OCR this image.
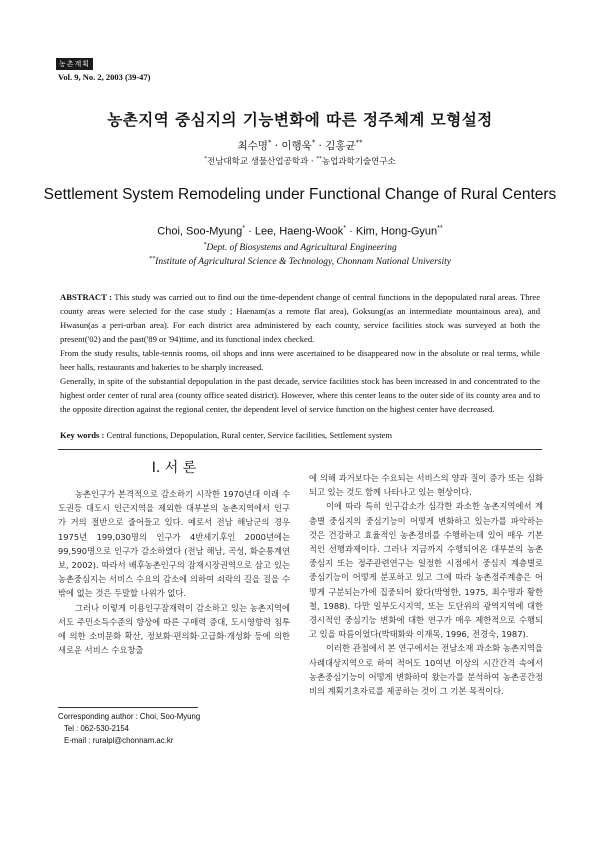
농촌계획
Vol. 9, No. 2, 2003 (39-47)
농촌지역 중심지의 기능변화에 따른 정주체계 모형설정
최수명* · 이행욱* · 김홍균**
*전남대학교 생물산업공학과 · **농업과학기술연구소
Settlement System Remodeling under Functional Change of Rural Centers
Choi, Soo-Myung* · Lee, Haeng-Wook* · Kim, Hong-Gyun**
*Dept. of Biosystems and Agricultural Engineering
**Institute of Agricultural Science & Technology, Chonnam National University

ABSTRACT : This study was carried out to find out the time-dependent change of central functions in the depopulated rural areas. Three county areas were selected for the case study ; Haenam(as a remote flat area), Goksung(as an intermediate mountainous area), and Hwasun(as a peri-urban area). For each district area administered by each county, service facilities stock was surveyed at both the present('02) and the past('89 or '94)time, and its functional index checked.

From the study results, table-tennis rooms, oil shops and inns were ascertained to be disappeared now in the absolute or real terms, while beer halls, restaurants and bakeries to be sharply increased.

Generally, in spite of the substantial depopulation in the past decade, service facilities stock has been increased in and concentrated to the highest order center of rural area (county office seated district). However, where this center leans to the outer side of its county area and to the opposite direction against the regional center, the dependent level of service function on the highest center have decreased.

Key words : Central functions, Depopulation, Rural center, Service facilities, Settlement system
Ⅰ. 서 론

농촌인구가 본격적으로 감소하기 시작한 1970년대 이래 수도권등 대도시 인근지역을 제외한 대부분의 농촌지역에서 인구가 거의 절반으로 줄어들고 있다. 예로서 전남 해남군의 경우 1975년 199,030명의 인구가 4반세기후인 2000년에는 99,590명으로 인구가 감소하였다 (전남 해남, 곡성, 화순통계연보, 2002). 따라서 배후농촌인구의 잠재시장권역으로 삼고 있는 농촌중심지는 서비스 수요의 감소에 의하여 쇠락의 길을 걸을 수 밖에 없는 것은 두말할 나위가 없다.

그러나 이렇게 이용인구잠재력이 감소하고 있는 농촌지역에서도 주민소득수준의 향상에 따른 구매력 증대, 도시영향력 침투에 의한 소비문화 확산, 정보화·편의화·고급화·개성화 등에 의한 새로운 서비스 수요창출

에 의해 과거보다는 수요되는 서비스의 양과 질이 증가 또는 심화되고 있는 것도 함께 나타나고 있는 현상이다.

이에 따라 특히 인구감소가 심각한 과소한 농촌지역에서 계층별 중심지의 중심기능이 어떻게 변화하고 있는가를 파악하는 것은 건강하고 효율적인 농촌정비를 수행하는데 있어 매우 기본적인 선행과제이다. 그러나 지금까지 수행되어온 대부분의 농촌중심지 또는 정주관련연구는 일정한 시점에서 중심지 계층별로 중심기능이 어떻게 분포하고 있고 그에 따라 농촌정주계층은 어떻게 구분되는가에 집중되어 왔다(박영한, 1975, 최수명과 황한철, 1988). 다만 일부도시지역, 또는 도단위의 광역지역에 대한 경시적인 중심기능 변화에 대한 연구가 매우 제한적으로 수행되고 있을 따름이었다(박태화와 이재목, 1996, 전경숙, 1987).

이러한 관점에서 본 연구에서는 전남소재 과소화 농촌지역을 사례대상지역으로 하여 적어도 10여년 이상의 시간간격 속에서 농촌중심기능이 어떻게 변화하여 왔는가를 분석하여 농촌공간정비의 계획기초자료를 제공하는 것이 그 기본 목적이다.

Corresponding author : Choi, Soo-Myung
Tel : 062-530-2154
E-mail : ruralpl@chonnam.ac.kr
